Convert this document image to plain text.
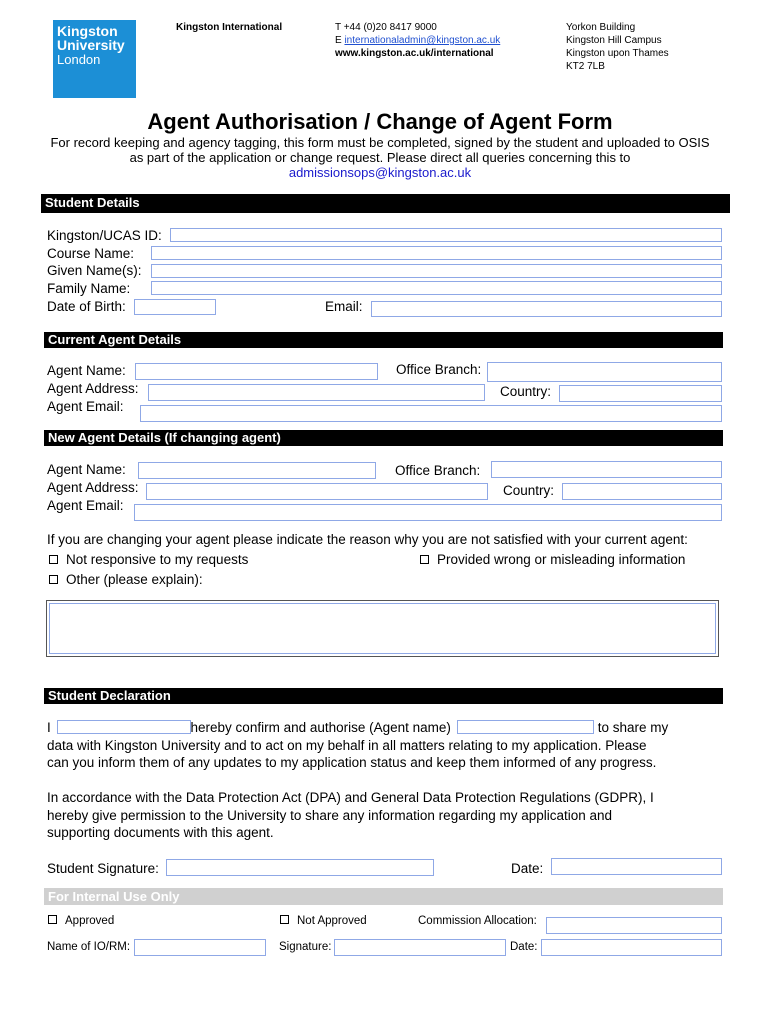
Kingston
University
London
Kingston International	T +44 (0)20 8417 9000
E internationaladmin@kingston.ac.uk
www.kingston.ac.uk/international
Yorkon Building
Kingston Hill Campus
Kingston upon Thames
KT2 7LB
Agent Authorisation / Change of Agent Form
For record keeping and agency tagging, this form must be completed, signed by the student and uploaded to OSIS
as part of the application or change request. Please direct all queries concerning this to
admissionsops@kingston.ac.uk
Student Details
Kingston/UCAS ID:
Course Name:
Given Name(s):
Family Name:
Date of Birth:	Email:
Current Agent Details
Agent Name:	Office Branch:
Agent Address:	Country:
Agent Email:
New Agent Details (If changing agent)
Agent Name:	Office Branch:
Agent Address:	Country:
Agent Email:
If you are changing your agent please indicate the reason why you are not satisfied with your current agent:
Not responsive to my requests	Provided wrong or misleading information
Other (please explain):
Student Declaration
I	hereby confirm and authorise (Agent name)	to share my
data with Kingston University and to act on my behalf in all matters relating to my application. Please
can you inform them of any updates to my application status and keep them informed of any progress.
In accordance with the Data Protection Act (DPA) and General Data Protection Regulations (GDPR), I
hereby give permission to the University to share any information regarding my application and
supporting documents with this agent.
Student Signature:	Date:
For Internal Use Only
Approved	Not Approved	Commission Allocation:
Name of IO/RM:	Signature:	Date:
